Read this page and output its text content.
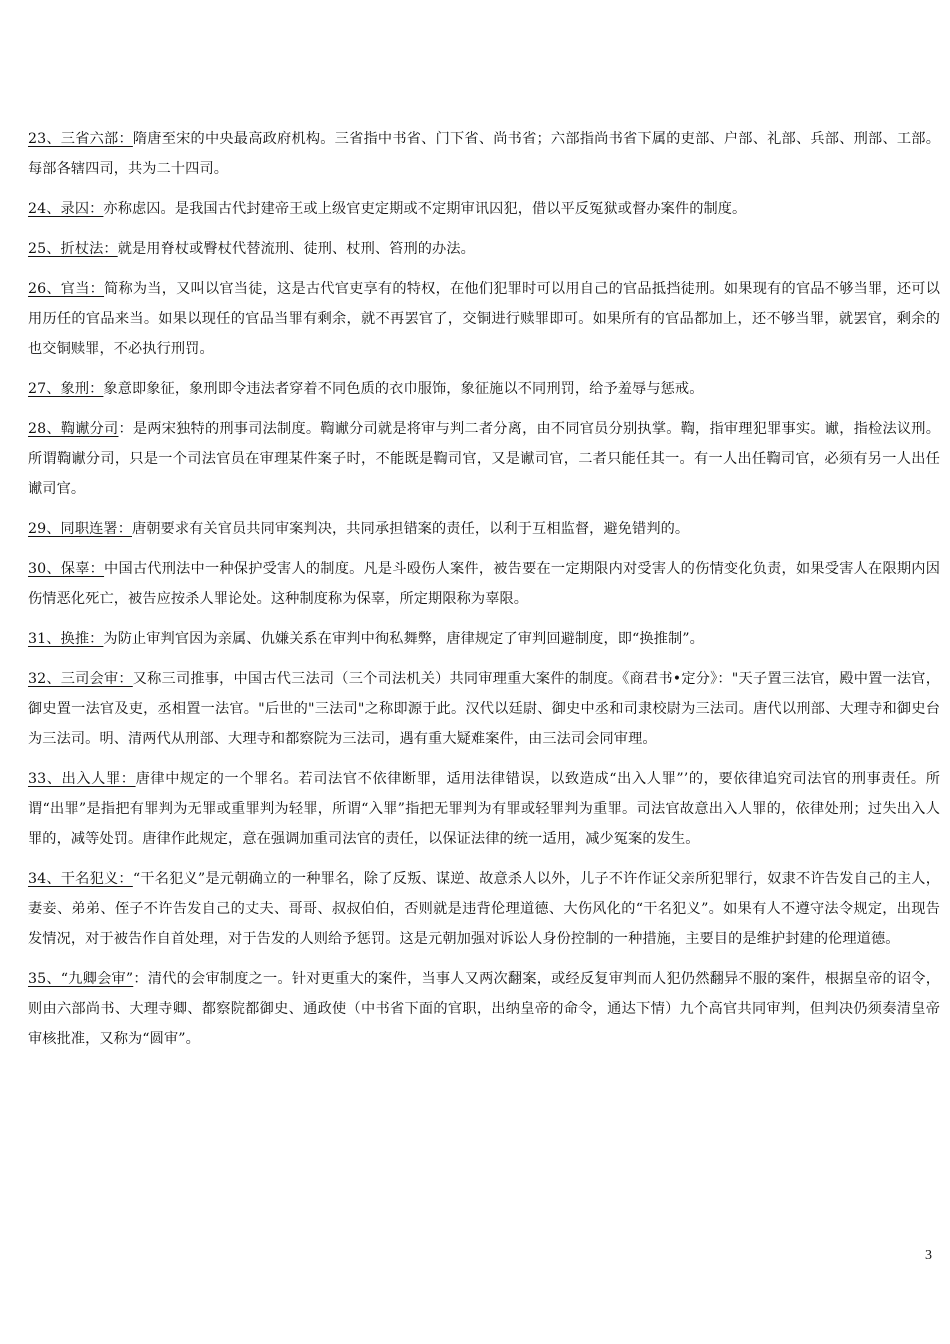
23、三省六部：隋唐至宋的中央最高政府机构。三省指中书省、门下省、尚书省；六部指尚书省下属的吏部、户部、礼部、兵部、刑部、工部。每部各辖四司，共为二十四司。

24、录囚：亦称虑囚。是我国古代封建帝王或上级官吏定期或不定期审讯囚犯，借以平反冤狱或督办案件的制度。

25、折杖法：就是用脊杖或臀杖代替流刑、徒刑、杖刑、笞刑的办法。

26、官当：简称为当，又叫以官当徒，这是古代官吏享有的特权，在他们犯罪时可以用自己的官品抵挡徒刑。如果现有的官品不够当罪，还可以用历任的官品来当。如果以现任的官品当罪有剩余，就不再罢官了，交铜进行赎罪即可。如果所有的官品都加上，还不够当罪，就罢官，剩余的也交铜赎罪，不必执行刑罚。

27、象刑：象意即象征，象刑即令违法者穿着不同色质的衣巾服饰，象征施以不同刑罚，给予羞辱与惩戒。

28、鞫谳分司：是两宋独特的刑事司法制度。鞫谳分司就是将审与判二者分离，由不同官员分别执掌。鞫，指审理犯罪事实。谳，指检法议刑。所谓鞫谳分司，只是一个司法官员在审理某件案子时，不能既是鞫司官，又是谳司官，二者只能任其一。有一人出任鞫司官，必须有另一人出任谳司官。

29、同职连署：唐朝要求有关官员共同审案判决，共同承担错案的责任，以利于互相监督，避免错判的。

30、保辜：中国古代刑法中一种保护受害人的制度。凡是斗殴伤人案件，被告要在一定期限内对受害人的伤情变化负责，如果受害人在限期内因伤情恶化死亡，被告应按杀人罪论处。这种制度称为保辜，所定期限称为辜限。

31、换推：为防止审判官因为亲属、仇嫌关系在审判中徇私舞弊，唐律规定了审判回避制度，即“换推制”。

32、三司会审：又称三司推事，中国古代三法司（三个司法机关）共同审理重大案件的制度。《商君书•定分》："天子置三法官，殿中置一法官，御史置一法官及吏，丞相置一法官。"后世的"三法司"之称即源于此。汉代以廷尉、御史中丞和司隶校尉为三法司。唐代以刑部、大理寺和御史台为三法司。明、清两代从刑部、大理寺和都察院为三法司，遇有重大疑难案件，由三法司会同审理。

33、出入人罪：唐律中规定的一个罪名。若司法官不依律断罪，适用法律错误，以致造成“出入人罪”’的，要依律追究司法官的刑事责任。所谓“出罪”是指把有罪判为无罪或重罪判为轻罪，所谓“入罪”指把无罪判为有罪或轻罪判为重罪。司法官故意出入人罪的，依律处刑；过失出入人罪的，减等处罚。唐律作此规定，意在强调加重司法官的责任，以保证法律的统一适用，减少冤案的发生。

34、干名犯义：“干名犯义”是元朝确立的一种罪名，除了反叛、谋逆、故意杀人以外，儿子不许作证父亲所犯罪行，奴隶不许告发自己的主人，妻妾、弟弟、侄子不许告发自己的丈夫、哥哥、叔叔伯伯，否则就是违背伦理道德、大伤风化的“干名犯义”。如果有人不遵守法令规定，出现告发情况，对于被告作自首处理，对于告发的人则给予惩罚。这是元朝加强对诉讼人身份控制的一种措施，主要目的是维护封建的伦理道德。

35、“九卿会审”：清代的会审制度之一。针对更重大的案件，当事人又两次翻案，或经反复审判而人犯仍然翻异不服的案件，根据皇帝的诏令，则由六部尚书、大理寺卿、都察院都御史、通政使（中书省下面的官职，出纳皇帝的命令，通达下情）九个高官共同审判，但判决仍须奏清皇帝审核批准，又称为“圆审”。

3
